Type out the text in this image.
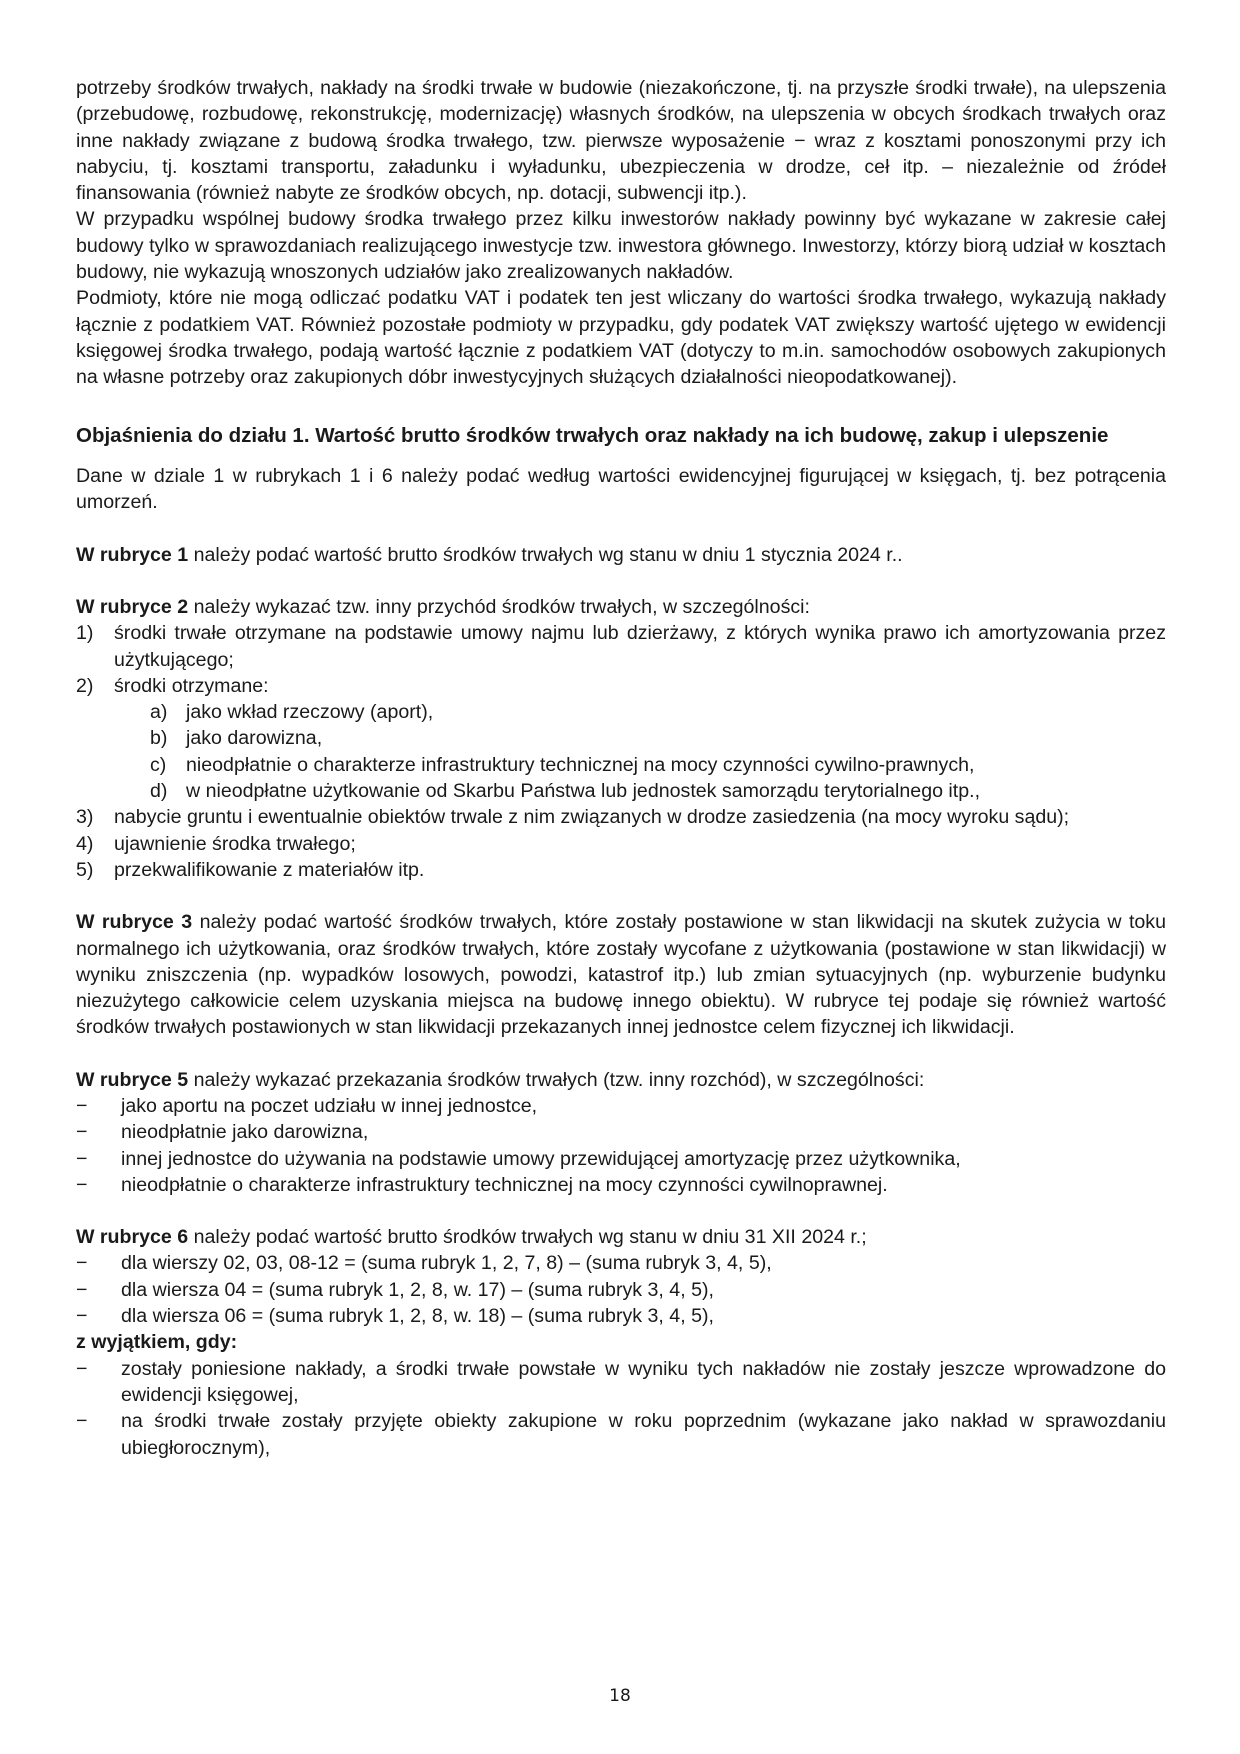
potrzeby środków trwałych, nakłady na środki trwałe w budowie (niezakończone, tj. na przyszłe środki trwałe), na ulepszenia (przebudowę, rozbudowę, rekonstrukcję, modernizację) własnych środków, na ulepszenia w obcych środkach trwałych oraz inne nakłady związane z budową środka trwałego, tzw. pierwsze wyposażenie − wraz z kosztami ponoszonymi przy ich nabyciu, tj. kosztami transportu, załadunku i wyładunku, ubezpieczenia w drodze, ceł itp. – niezależnie od źródeł finansowania (również nabyte ze środków obcych, np. dotacji, subwencji itp.).

W przypadku wspólnej budowy środka trwałego przez kilku inwestorów nakłady powinny być wykazane w zakresie całej budowy tylko w sprawozdaniach realizującego inwestycje tzw. inwestora głównego. Inwestorzy, którzy biorą udział w kosztach budowy, nie wykazują wnoszonych udziałów jako zrealizowanych nakładów.

Podmioty, które nie mogą odliczać podatku VAT i podatek ten jest wliczany do wartości środka trwałego, wykazują nakłady łącznie z podatkiem VAT. Również pozostałe podmioty w przypadku, gdy podatek VAT zwiększy wartość ujętego w ewidencji księgowej środka trwałego, podają wartość łącznie z podatkiem VAT (dotyczy to m.in. samochodów osobowych zakupionych na własne potrzeby oraz zakupionych dóbr inwestycyjnych służących działalności nieopodatkowanej).

Objaśnienia do działu 1. Wartość brutto środków trwałych oraz nakłady na ich budowę, zakup i ulepszenie

Dane w dziale 1 w rubrykach 1 i 6 należy podać według wartości ewidencyjnej figurującej w księgach, tj. bez potrącenia umorzeń.

W rubryce 1 należy podać wartość brutto środków trwałych wg stanu w dniu 1 stycznia 2024 r..

W rubryce 2 należy wykazać tzw. inny przychód środków trwałych, w szczególności:

1)	środki trwałe otrzymane na podstawie umowy najmu lub dzierżawy, z których wynika prawo ich amortyzowania przez użytkującego;
2)	środki otrzymane:
a) jako wkład rzeczowy (aport),
b) jako darowizna,
c)	nieodpłatnie o charakterze infrastruktury technicznej na mocy czynności cywilno-prawnych,
d) w nieodpłatne użytkowanie od Skarbu Państwa lub jednostek samorządu terytorialnego itp.,
3)	nabycie gruntu i ewentualnie obiektów trwale z nim związanych w drodze zasiedzenia (na mocy wyroku sądu);
4)	ujawnienie środka trwałego;
5)	przekwalifikowanie z materiałów itp.

W rubryce 3 należy podać wartość środków trwałych, które zostały postawione w stan likwidacji na skutek zużycia w toku normalnego ich użytkowania, oraz środków trwałych, które zostały wycofane z użytkowania (postawione w stan likwidacji) w wyniku zniszczenia (np. wypadków losowych, powodzi, katastrof itp.) lub zmian sytuacyjnych (np. wyburzenie budynku niezużytego całkowicie celem uzyskania miejsca na budowę innego obiektu). W rubryce tej podaje się również wartość środków trwałych postawionych w stan likwidacji przekazanych innej jednostce celem fizycznej ich likwidacji.

W rubryce 5 należy wykazać przekazania środków trwałych (tzw. inny rozchód), w szczególności:

−	jako aportu na poczet udziału w innej jednostce,
−	nieodpłatnie jako darowizna,
−	innej jednostce do używania na podstawie umowy przewidującej amortyzację przez użytkownika,
−	nieodpłatnie o charakterze infrastruktury technicznej na mocy czynności cywilnoprawnej.

W rubryce 6 należy podać wartość brutto środków trwałych wg stanu w dniu 31 XII 2024 r.;

−	dla wierszy 02, 03, 08-12 = (suma rubryk 1, 2, 7, 8) – (suma rubryk 3, 4, 5),
−	dla wiersza 04 = (suma rubryk 1, 2, 8, w. 17) – (suma rubryk 3, 4, 5),
−	dla wiersza 06 = (suma rubryk 1, 2, 8, w. 18) – (suma rubryk 3, 4, 5),

z wyjątkiem, gdy:

−	zostały poniesione nakłady, a środki trwałe powstałe w wyniku tych nakładów nie zostały jeszcze wprowadzone do ewidencji księgowej,
−	na środki trwałe zostały przyjęte obiekty zakupione w roku poprzednim (wykazane jako nakład w sprawozdaniu ubiegłorocznym),
18
